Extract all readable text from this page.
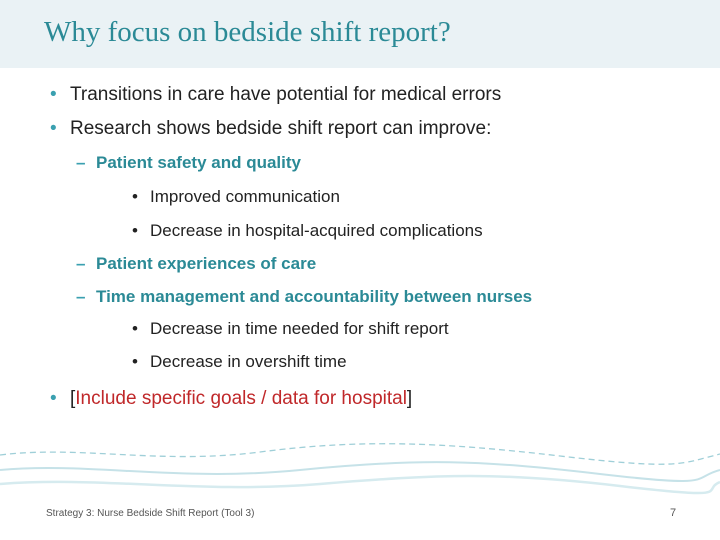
Why focus on bedside shift report?
• Transitions in care have potential for medical errors
• Research shows bedside shift report can improve:
– Patient safety and quality
• Improved communication
• Decrease in hospital-acquired complications
– Patient experiences of care
– Time management and accountability between nurses
• Decrease in time needed for shift report
• Decrease in overshift time
• [Include specific goals / data for hospital]
Strategy 3: Nurse Bedside Shift Report (Tool 3)	7
